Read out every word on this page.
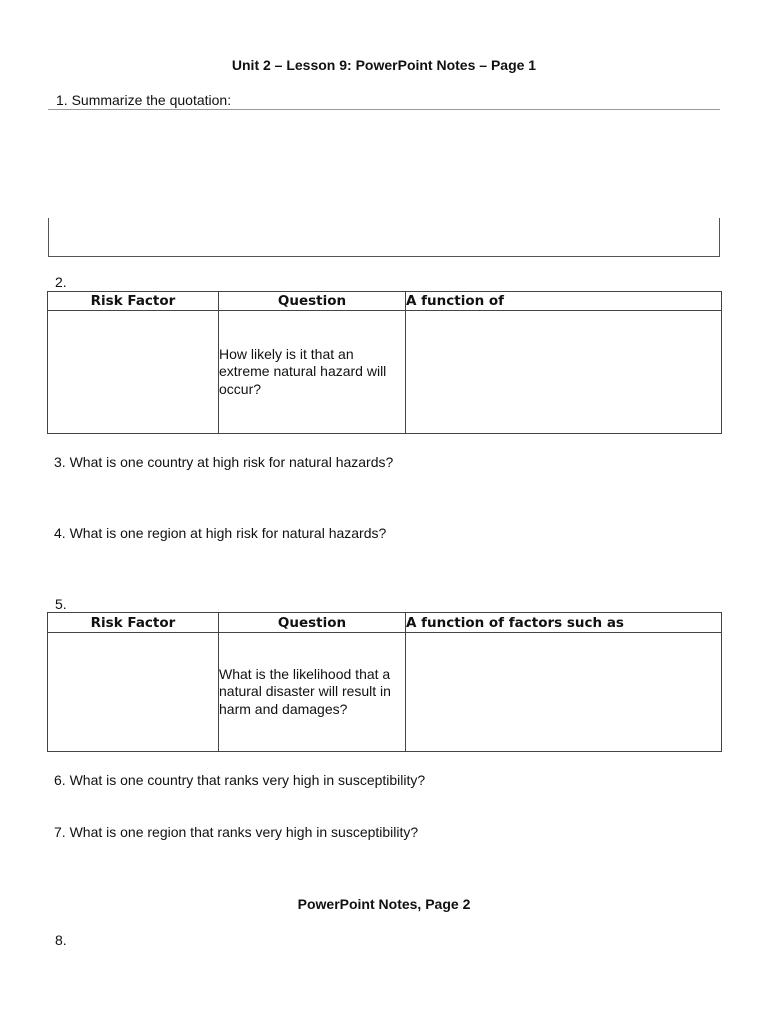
Unit 2 – Lesson 9: PowerPoint Notes – Page 1
1. Summarize the quotation:
2.
Risk Factor	Question	A function of
	How likely is it that an extreme natural hazard will occur?	
3. What is one country at high risk for natural hazards?
4. What is one region at high risk for natural hazards?
5.
Risk Factor	Question	A function of factors such as
	What is the likelihood that a natural disaster will result in harm and damages?	
6. What is one country that ranks very high in susceptibility?
7. What is one region that ranks very high in susceptibility?
PowerPoint Notes, Page 2
8.
